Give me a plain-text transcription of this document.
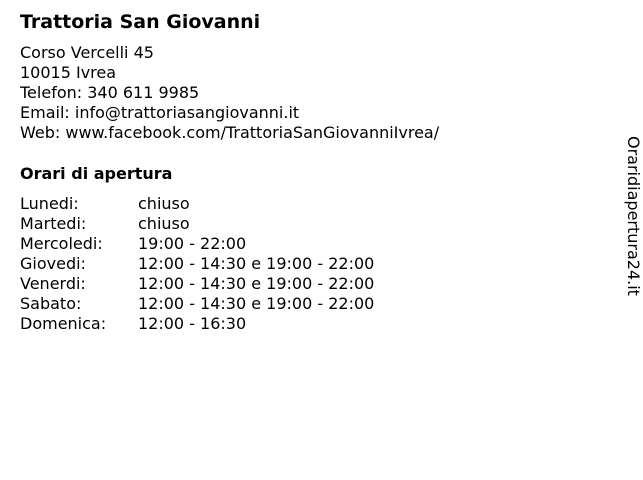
Trattoria San Giovanni
Corso Vercelli 45
10015 Ivrea
Telefon: 340 611 9985
Email: info@trattoriasangiovanni.it
Web: www.facebook.com/TrattoriaSanGiovanniIvrea/
Orari di apertura
Lunedi:	chiuso
Martedi:	chiuso
Mercoledi: 19:00 - 22:00
Giovedi:	12:00 - 14:30 e 19:00 - 22:00
Venerdi:	12:00 - 14:30 e 19:00 - 22:00
Sabato:	12:00 - 14:30 e 19:00 - 22:00
Domenica: 12:00 - 16:30
Oraridiapertura24.it
